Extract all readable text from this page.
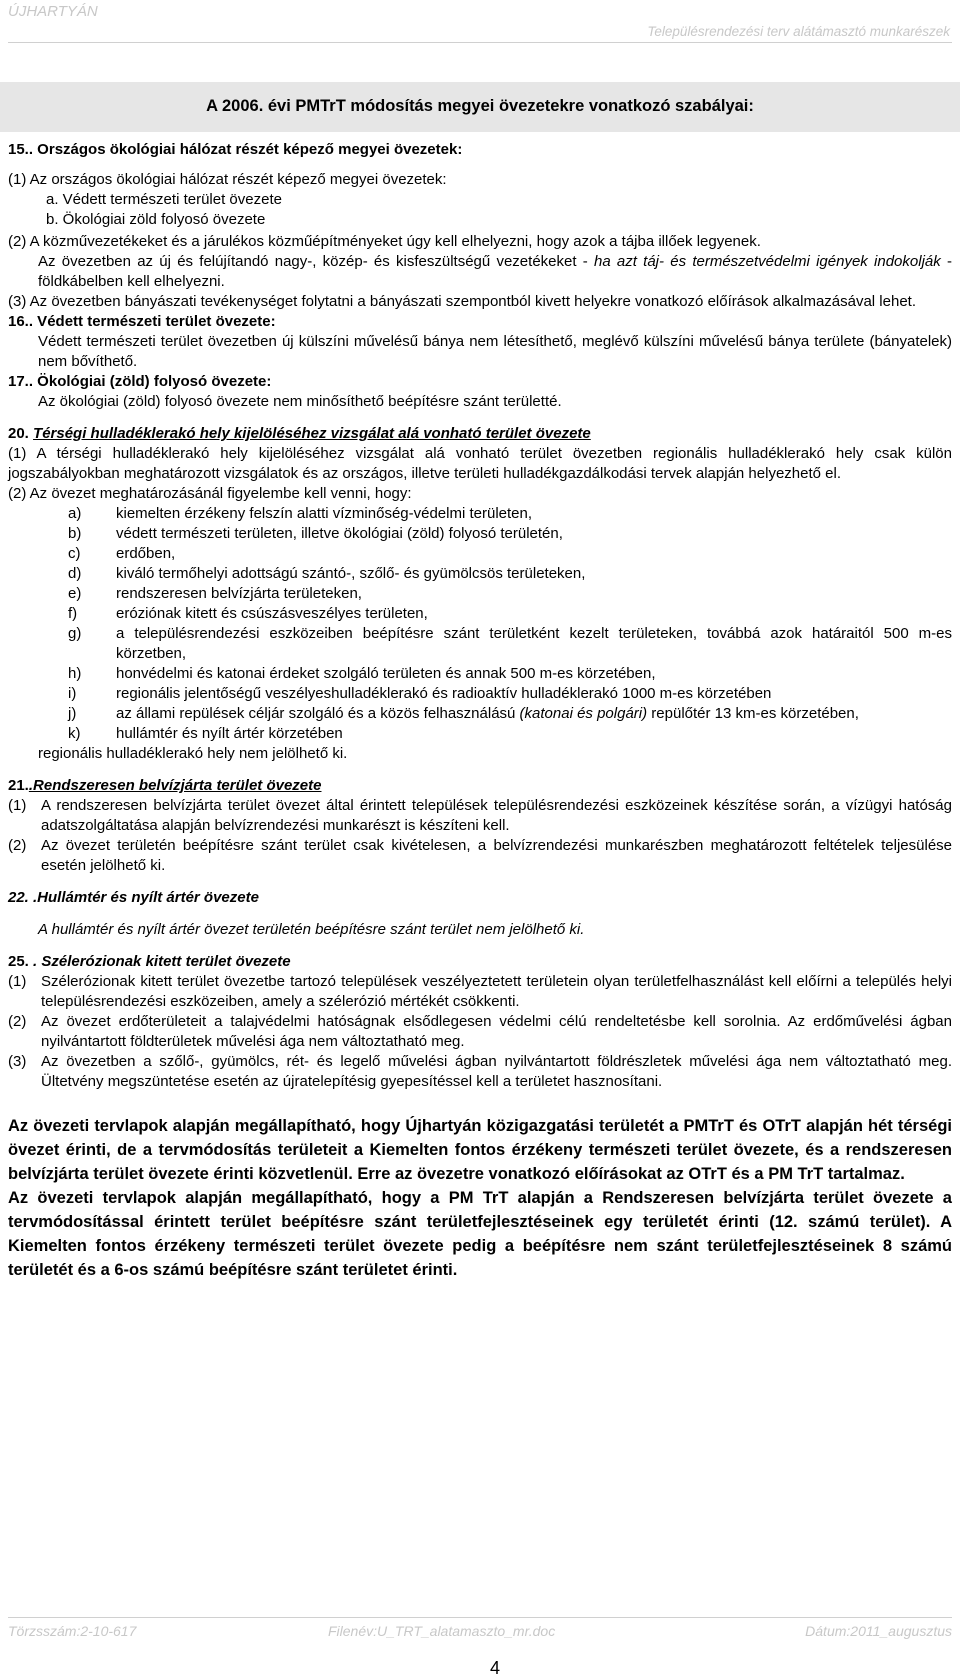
ÚJHARTYÁN
Településrendezési terv alátámasztó munkarészek
A 2006. évi PMTrT módosítás megyei övezetekre vonatkozó szabályai:

15.. Országos ökológiai hálózat részét képező megyei övezetek:

(1) Az országos ökológiai hálózat részét képező megyei övezetek:

a. Védett természeti terület övezete

b. Ökológiai zöld folyosó övezete

(2) A közművezetékeket és a járulékos közműépítményeket úgy kell elhelyezni, hogy azok a tájba illőek legyenek.

Az övezetben az új és felújítandó nagy-, közép- és kisfeszültségű vezetékeket - ha azt táj- és természetvédelmi igények indokolják - földkábelben kell elhelyezni.

(3) Az övezetben bányászati tevékenységet folytatni a bányászati szempontból kivett helyekre vonatkozó előírások alkalmazásával lehet.

16.. Védett természeti terület övezete:

Védett természeti terület övezetben új külszíni művelésű bánya nem létesíthető, meglévő külszíni művelésű bánya területe (bányatelek) nem bővíthető.

17.. Ökológiai (zöld) folyosó övezete:

Az ökológiai (zöld) folyosó övezete nem minősíthető beépítésre szánt területté.

20. Térségi hulladéklerakó hely kijelöléséhez vizsgálat alá vonható terület övezete

(1) A térségi hulladéklerakó hely kijelöléséhez vizsgálat alá vonható terület övezetben regionális hulladéklerakó hely csak külön jogszabályokban meghatározott vizsgálatok és az országos, illetve területi hulladékgazdálkodási tervek alapján helyezhető el.

(2) Az övezet meghatározásánál figyelembe kell venni, hogy:

a)	kiemelten érzékeny felszín alatti vízminőség-védelmi területen,
b)	védett természeti területen, illetve ökológiai (zöld) folyosó területén,
c)	erdőben,
d)	kiváló termőhelyi adottságú szántó-, szőlő- és gyümölcsös területeken,
e)	rendszeresen belvízjárta területeken,
f)	eróziónak kitett és csúszásveszélyes területen,
g)	a településrendezési eszközeiben beépítésre szánt területként kezelt területeken, továbbá azok határaitól 500 m-es körzetben,
h)	honvédelmi és katonai érdeket szolgáló területen és annak 500 m-es körzetében,
i)	regionális jelentőségű veszélyeshulladéklerakó és radioaktív hulladéklerakó 1000 m-es körzetében
j)	az állami repülések céljár szolgáló és a közös felhasználású (katonai és polgári) repülőtér 13 km-es körzetében,
k)	hullámtér és nyílt ártér körzetében

regionális hulladéklerakó hely nem jelölhető ki.

21..Rendszeresen belvízjárta terület övezete

(1) A rendszeresen belvízjárta terület övezet által érintett települések településrendezési eszközeinek készítése során, a vízügyi hatóság adatszolgáltatása alapján belvízrendezési munkarészt is készíteni kell.
(2) Az övezet területén beépítésre szánt terület csak kivételesen, a belvízrendezési munkarészben meghatározott feltételek teljesülése esetén jelölhető ki.

22. .Hullámtér és nyílt ártér övezete

A hullámtér és nyílt ártér övezet területén beépítésre szánt terület nem jelölhető ki.

25. . Szélerózionak kitett terület övezete

(1) Szélerózionak kitett terület övezetbe tartozó települések veszélyeztetett területein olyan területfelhasználást kell előírni a település helyi településrendezési eszközeiben, amely a szélerózió mértékét csökkenti.
(2) Az övezet erdőterületeit a talajvédelmi hatóságnak elsődlegesen védelmi célú rendeltetésbe kell sorolnia. Az erdőművelési ágban nyilvántartott földterületek művelési ága nem változtatható meg.
(3) Az övezetben a szőlő-, gyümölcs, rét- és legelő művelési ágban nyilvántartott földrészletek művelési ága nem változtatható meg. Ültetvény megszüntetése esetén az újratelepítésig gyepesítéssel kell a területet hasznosítani.

Az övezeti tervlapok alapján megállapítható, hogy Újhartyán közigazgatási területét a PMTrT és OTrT alapján hét térségi övezet érinti, de a tervmódosítás területeit a Kiemelten fontos érzékeny természeti terület övezete, és a rendszeresen belvízjárta terület övezete érinti közvetlenül. Erre az övezetre vonatkozó előírásokat az OTrT és a PM TrT tartalmaz.

Az övezeti tervlapok alapján megállapítható, hogy a PM TrT alapján a Rendszeresen belvízjárta terület övezete a tervmódosítással érintett terület beépítésre szánt területfejlesztéseinek egy területét érinti (12. számú terület). A Kiemelten fontos érzékeny természeti terület övezete pedig a beépítésre nem szánt területfejlesztéseinek 8 számú területét és a 6-os számú beépítésre szánt területet érinti.

Törzsszám:2-10-617	Filenév:U_TRT_alatamaszto_mr.doc	Dátum:2011_augusztus
4
